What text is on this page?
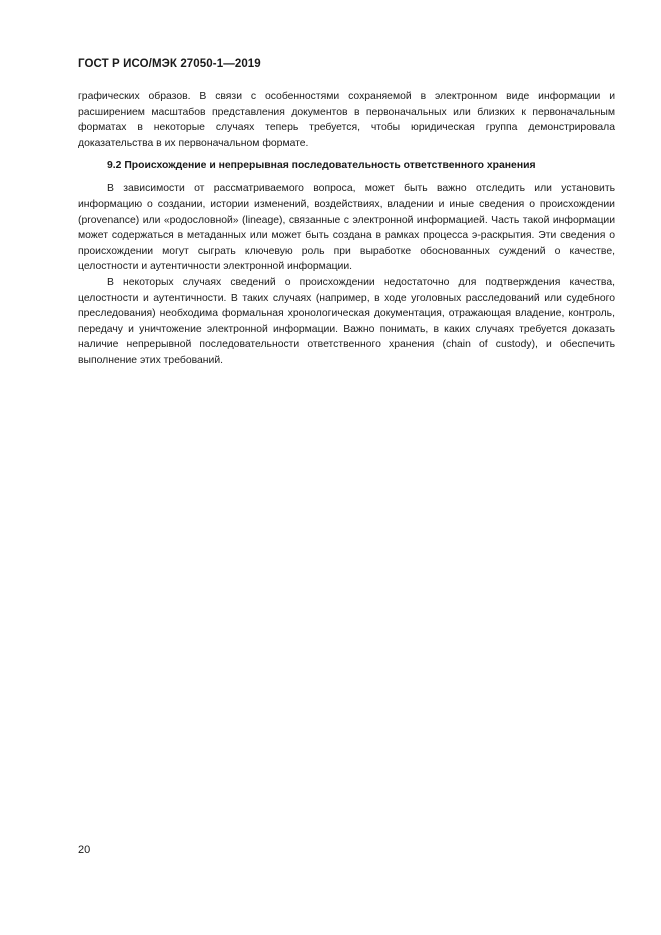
ГОСТ Р ИСО/МЭК 27050-1—2019

графических образов. В связи с особенностями сохраняемой в электронном виде информации и расширением масштабов представления документов в первоначальных или близких к первоначальным форматах в некоторые случаях теперь требуется, чтобы юридическая группа демонстрировала доказательства в их первоначальном формате.

9.2 Происхождение и непрерывная последовательность ответственного хранения

В зависимости от рассматриваемого вопроса, может быть важно отследить или установить информацию о создании, истории изменений, воздействиях, владении и иные сведения о происхождении (provenance) или «родословной» (lineage), связанные с электронной информацией. Часть такой информации может содержаться в метаданных или может быть создана в рамках процесса э-раскрытия. Эти сведения о происхождении могут сыграть ключевую роль при выработке обоснованных суждений о качестве, целостности и аутентичности электронной информации.

В некоторых случаях сведений о происхождении недостаточно для подтверждения качества, целостности и аутентичности. В таких случаях (например, в ходе уголовных расследований или судебного преследования) необходима формальная хронологическая документация, отражающая владение, контроль, передачу и уничтожение электронной информации. Важно понимать, в каких случаях требуется доказать наличие непрерывной последовательности ответственного хранения (chain of custody), и обеспечить выполнение этих требований.

20
